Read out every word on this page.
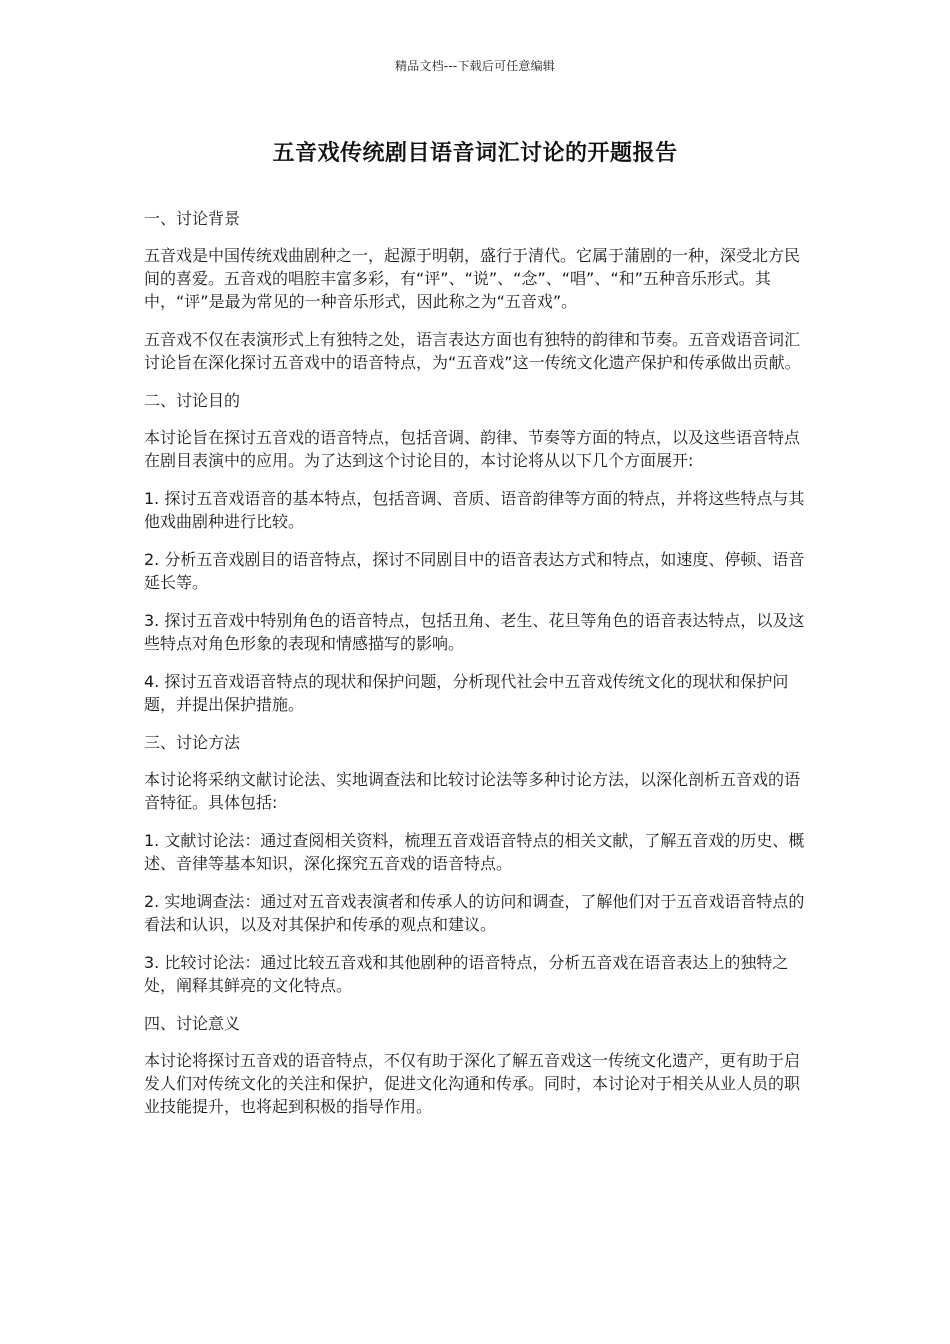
精品文档---下载后可任意编辑
五音戏传统剧目语音词汇讨论的开题报告

一、讨论背景

五音戏是中国传统戏曲剧种之一，起源于明朝，盛行于清代。它属于蒲剧的一种，深受北方民间的喜爱。五音戏的唱腔丰富多彩，有“评”、“说”、“念”、“唱”、“和”五种音乐形式。其中，“评”是最为常见的一种音乐形式，因此称之为“五音戏”。

五音戏不仅在表演形式上有独特之处，语言表达方面也有独特的韵律和节奏。五音戏语音词汇讨论旨在深化探讨五音戏中的语音特点，为“五音戏”这一传统文化遗产保护和传承做出贡献。

二、讨论目的

本讨论旨在探讨五音戏的语音特点，包括音调、韵律、节奏等方面的特点，以及这些语音特点在剧目表演中的应用。为了达到这个讨论目的，本讨论将从以下几个方面展开:

1. 探讨五音戏语音的基本特点，包括音调、音质、语音韵律等方面的特点，并将这些特点与其他戏曲剧种进行比较。

2. 分析五音戏剧目的语音特点，探讨不同剧目中的语音表达方式和特点，如速度、停顿、语音延长等。

3. 探讨五音戏中特别角色的语音特点，包括丑角、老生、花旦等角色的语音表达特点，以及这些特点对角色形象的表现和情感描写的影响。

4. 探讨五音戏语音特点的现状和保护问题，分析现代社会中五音戏传统文化的现状和保护问题，并提出保护措施。

三、讨论方法

本讨论将采纳文献讨论法、实地调查法和比较讨论法等多种讨论方法，以深化剖析五音戏的语音特征。具体包括:

1. 文献讨论法：通过查阅相关资料，梳理五音戏语音特点的相关文献，了解五音戏的历史、概述、音律等基本知识，深化探究五音戏的语音特点。

2. 实地调查法：通过对五音戏表演者和传承人的访问和调查，了解他们对于五音戏语音特点的看法和认识，以及对其保护和传承的观点和建议。

3. 比较讨论法：通过比较五音戏和其他剧种的语音特点，分析五音戏在语音表达上的独特之处，阐释其鲜亮的文化特点。

四、讨论意义

本讨论将探讨五音戏的语音特点，不仅有助于深化了解五音戏这一传统文化遗产，更有助于启发人们对传统文化的关注和保护，促进文化沟通和传承。同时，本讨论对于相关从业人员的职业技能提升，也将起到积极的指导作用。
